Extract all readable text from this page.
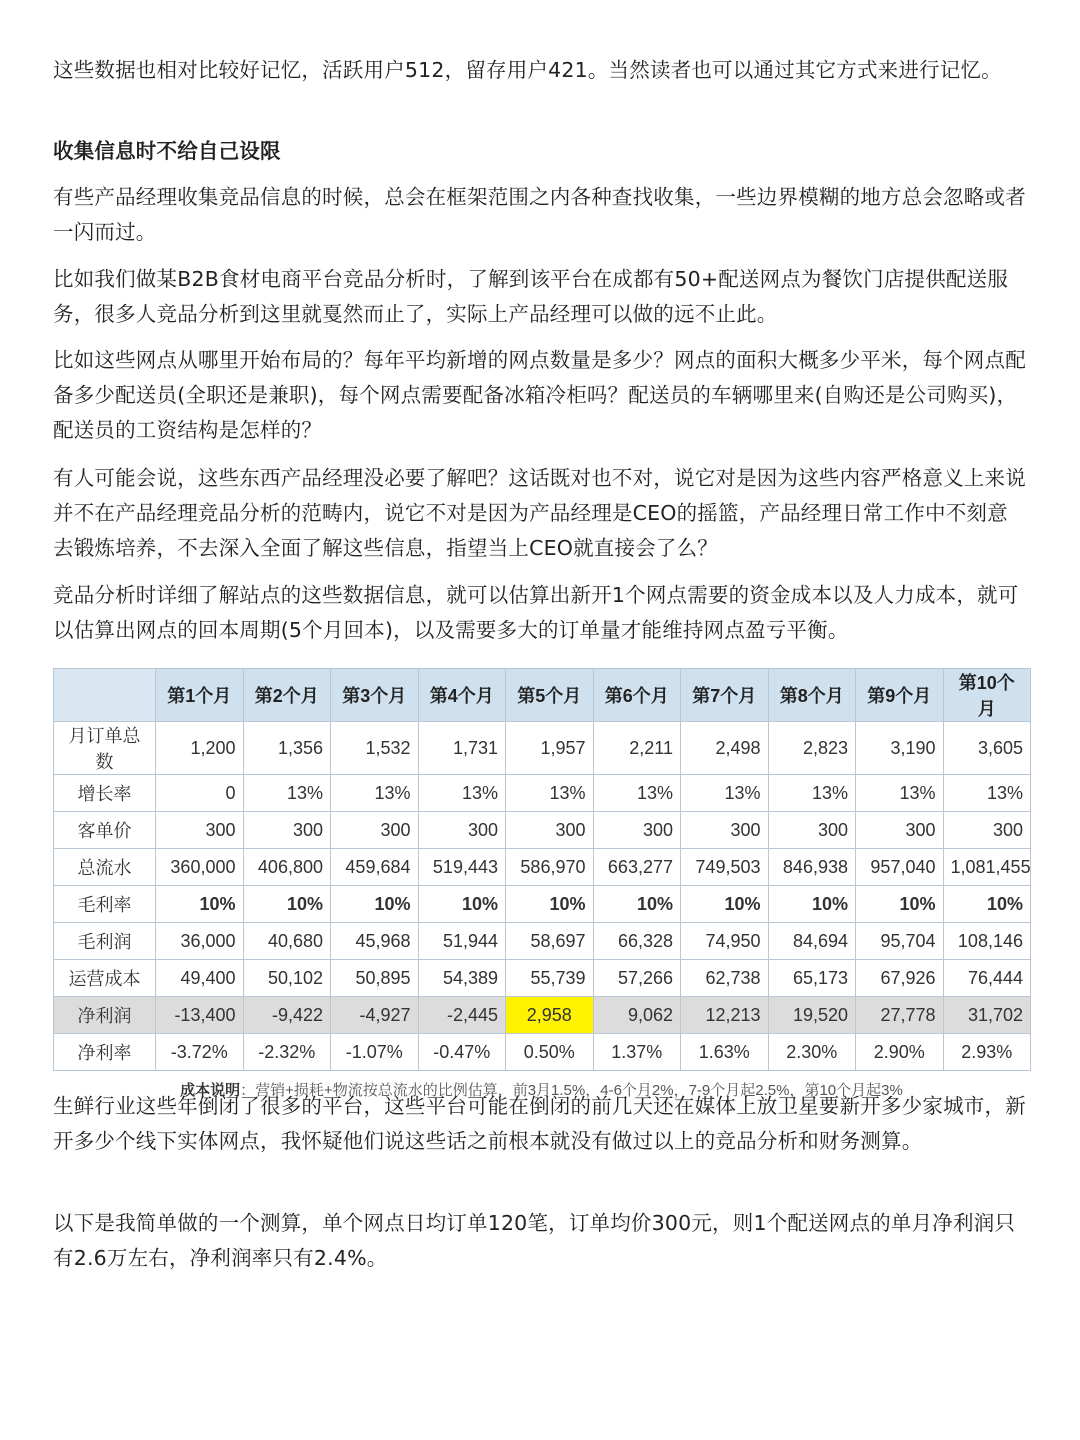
这些数据也相对比较好记忆，活跃用户512，留存用户421。当然读者也可以通过其它方式来进行记忆。

收集信息时不给自己设限

有些产品经理收集竞品信息的时候，总会在框架范围之内各种查找收集，一些边界模糊的地方总会忽略或者一闪而过。

比如我们做某B2B食材电商平台竞品分析时，了解到该平台在成都有50+配送网点为餐饮门店提供配送服务，很多人竞品分析到这里就戛然而止了，实际上产品经理可以做的远不止此。

比如这些网点从哪里开始布局的？每年平均新增的网点数量是多少？网点的面积大概多少平米，每个网点配备多少配送员(全职还是兼职)，每个网点需要配备冰箱冷柜吗？配送员的车辆哪里来(自购还是公司购买)，配送员的工资结构是怎样的？

有人可能会说，这些东西产品经理没必要了解吧？这话既对也不对，说它对是因为这些内容严格意义上来说并不在产品经理竞品分析的范畴内，说它不对是因为产品经理是CEO的摇篮，产品经理日常工作中不刻意去锻炼培养，不去深入全面了解这些信息，指望当上CEO就直接会了么？

竞品分析时详细了解站点的这些数据信息，就可以估算出新开1个网点需要的资金成本以及人力成本，就可以估算出网点的回本周期(5个月回本)，以及需要多大的订单量才能维持网点盈亏平衡。

	第1个月	第2个月	第3个月	第4个月	第5个月	第6个月	第7个月	第8个月	第9个月	第10个月
月订单总数	1,200	1,356	1,532	1,731	1,957	2,211	2,498	2,823	3,190	3,605
增长率	0	13%	13%	13%	13%	13%	13%	13%	13%	13%
客单价	300	300	300	300	300	300	300	300	300	300
总流水	360,000	406,800	459,684	519,443	586,970	663,277	749,503	846,938	957,040	1,081,455
毛利率	10%	10%	10%	10%	10%	10%	10%	10%	10%	10%
毛利润	36,000	40,680	45,968	51,944	58,697	66,328	74,950	84,694	95,704	108,146
运营成本	49,400	50,102	50,895	54,389	55,739	57,266	62,738	65,173	67,926	76,444
净利润	-13,400	-9,422	-4,927	-2,445	2,958	9,062	12,213	19,520	27,778	31,702
净利率	-3.72%	-2.32%	-1.07%	-0.47%	0.50%	1.37%	1.63%	2.30%	2.90%	2.93%
成本说明：营销+损耗+物流按总流水的比例估算，前3月1.5%，4-6个月2%，7-9个月起2.5%，第10个月起3%

生鲜行业这些年倒闭了很多的平台，这些平台可能在倒闭的前几天还在媒体上放卫星要新开多少家城市，新开多少个线下实体网点，我怀疑他们说这些话之前根本就没有做过以上的竞品分析和财务测算。

以下是我简单做的一个测算，单个网点日均订单120笔，订单均价300元，则1个配送网点的单月净利润只有2.6万左右，净利润率只有2.4%。
